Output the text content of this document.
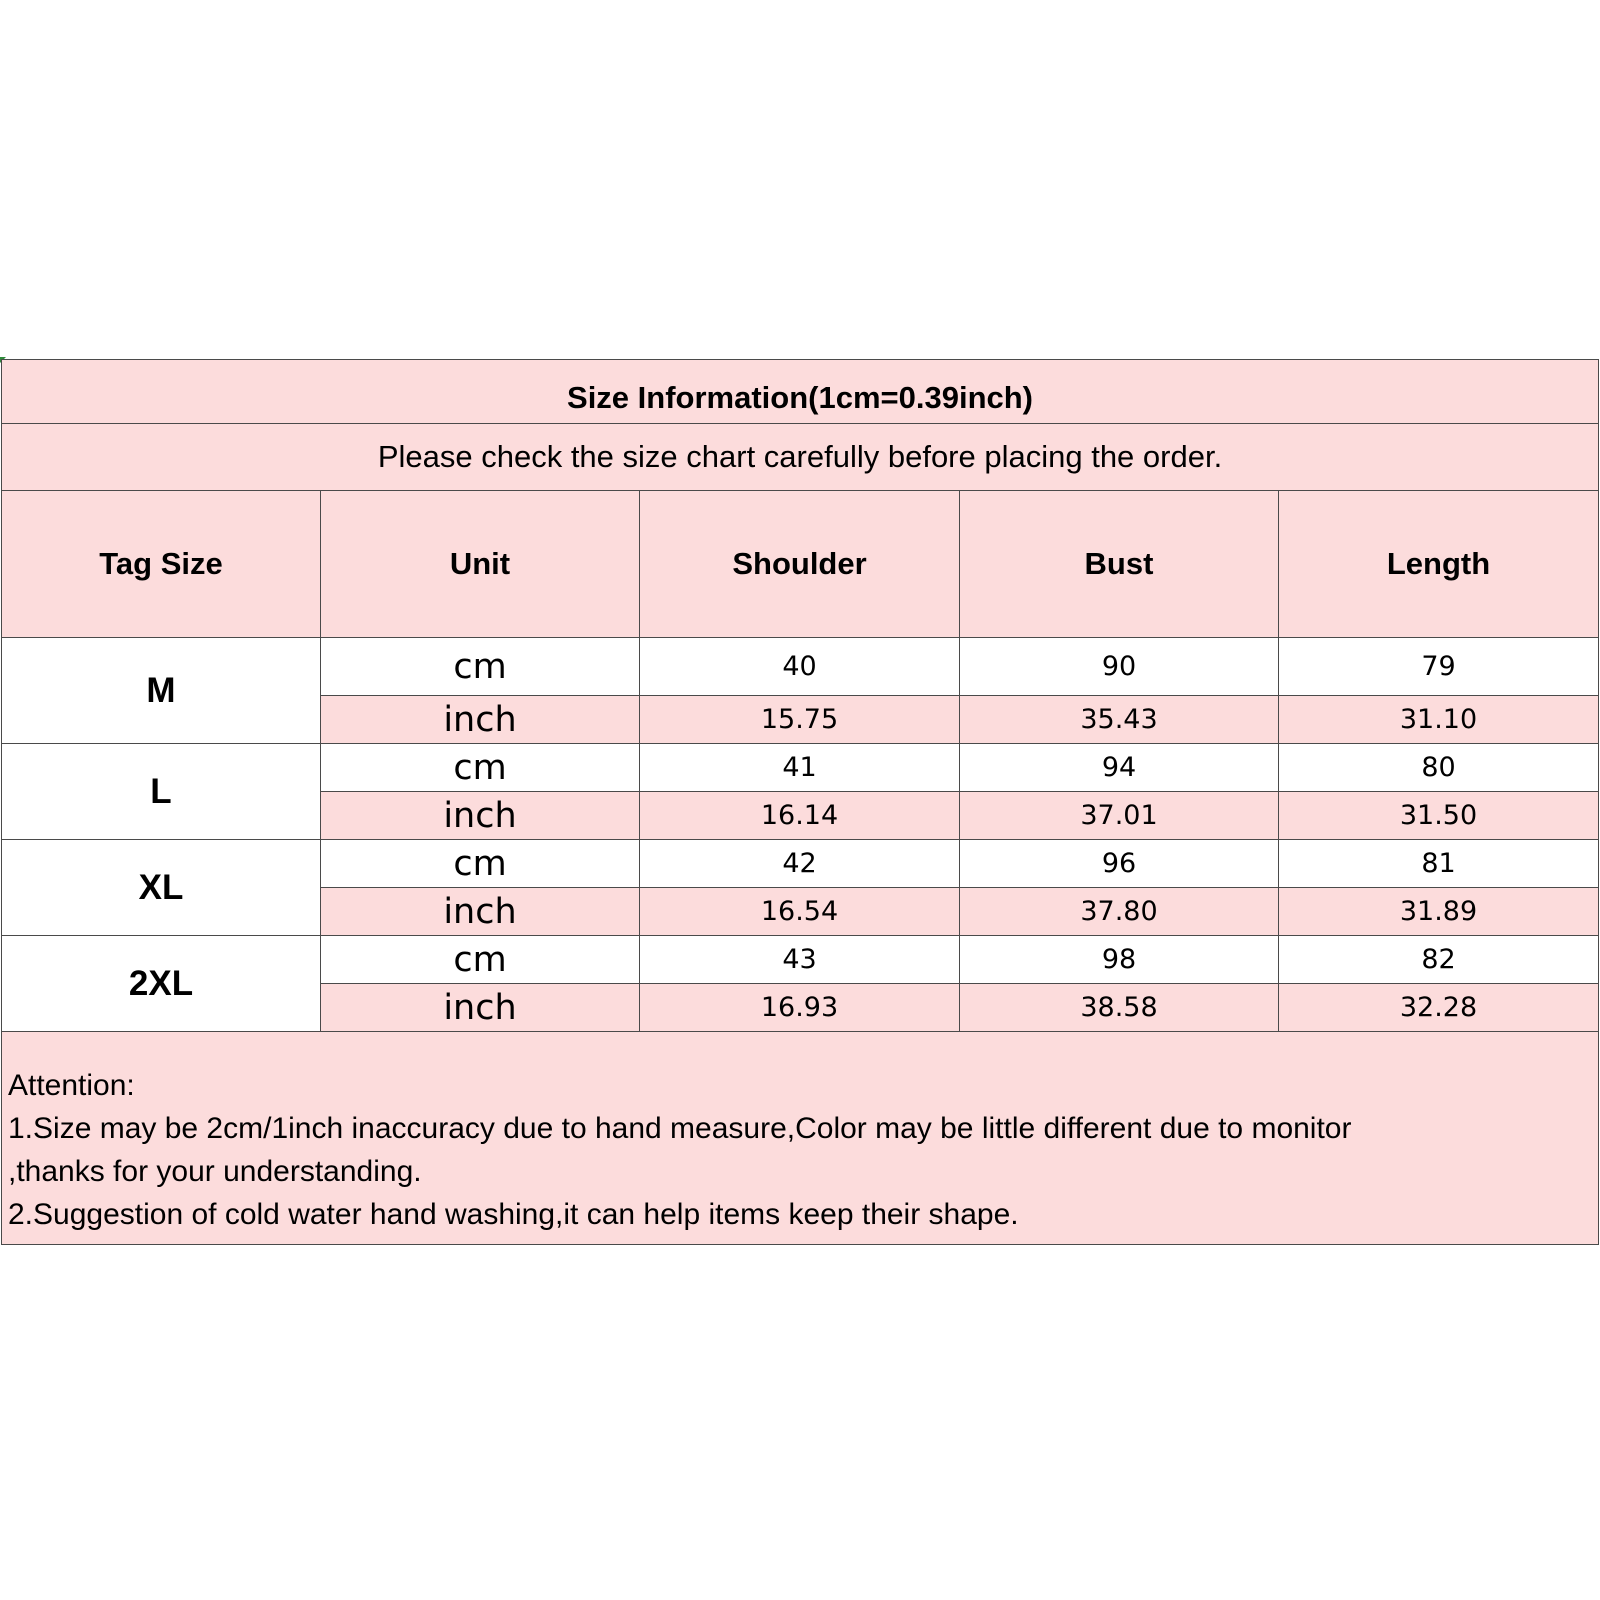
Size Information(1cm=0.39inch)				
Please check the size chart carefully before placing the order.				
Tag Size	Unit	Shoulder	Bust	Length
M	cm	40	90	79
	inch	15.75	35.43	31.10
L	cm	41	94	80
	inch	16.14	37.01	31.50
XL	cm	42	96	81
	inch	16.54	37.80	31.89
2XL	cm	43	98	82
	inch	16.93	38.58	32.28

Attention:
1.Size may be 2cm/1inch inaccuracy due to hand measure,Color may be little different due to monitor
,thanks for your understanding.
2.Suggestion of cold water hand washing,it can help items keep their shape.				
